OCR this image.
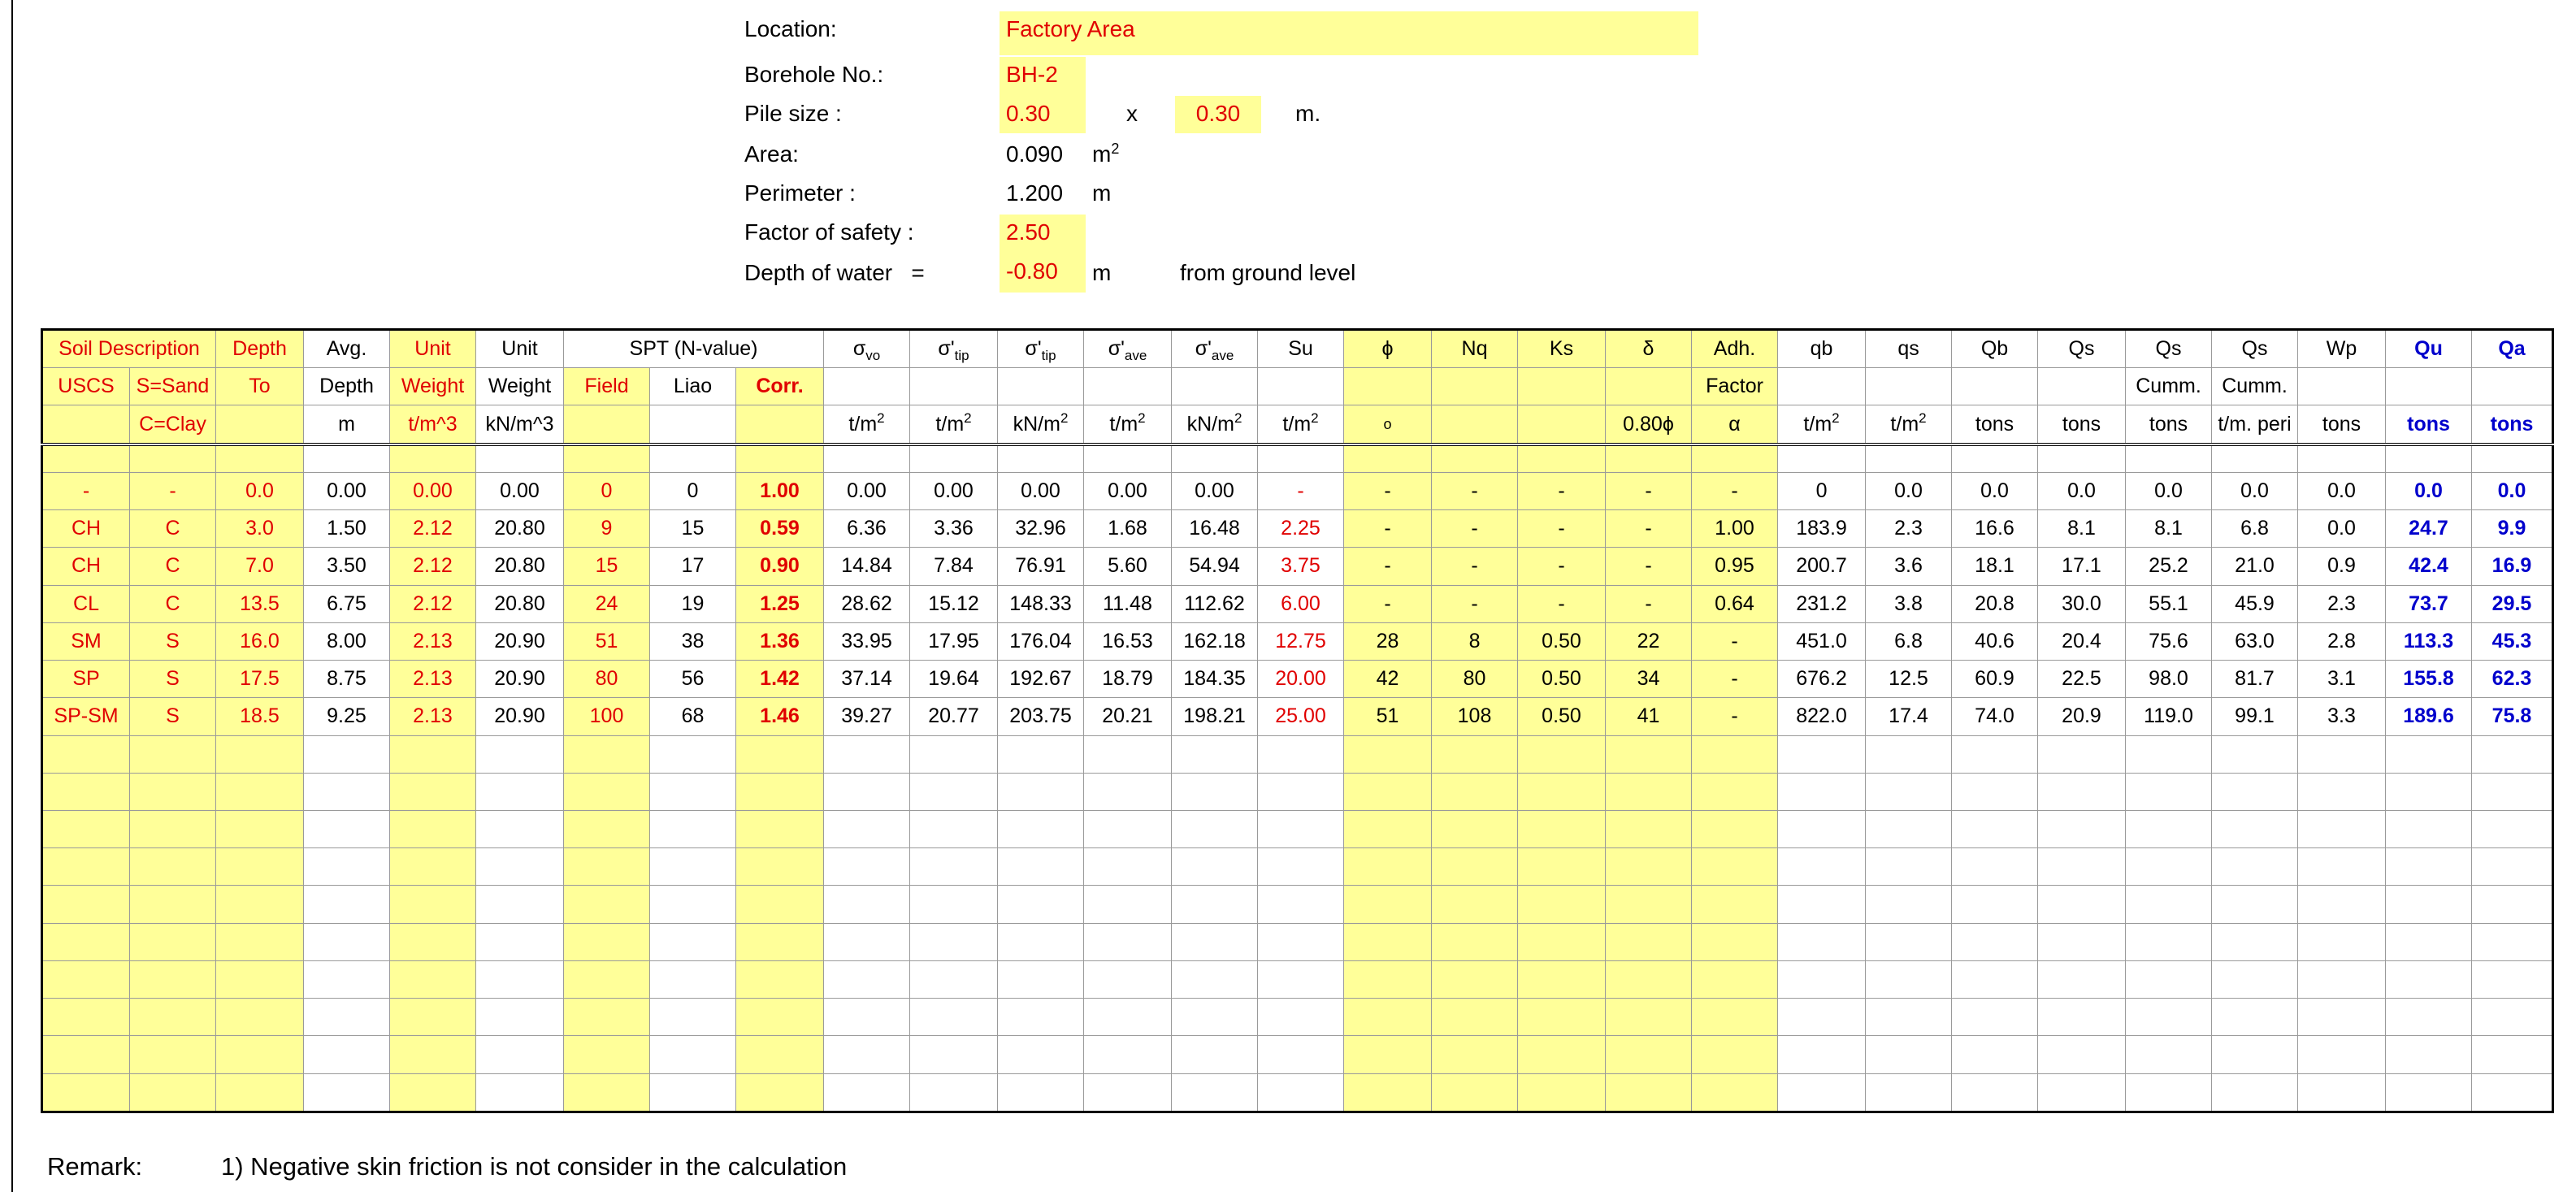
Location:	Factory Area
Borehole No.:	BH-2
Pile size :	0.30	x	0.30	m.
Area:	0.090 $m^2$
Perimeter :	1.200 m
Factor of safety :	2.50
Depth of water   =	-0.80	m	from ground level
Soil Description		Depth	Avg.	Unit	Unit	SPT (N-value)			$\sigma_{vo}$	$\sigma'_{tip}$	$\sigma'_{tip}$	$\sigma'_{ave}$	$\sigma'_{ave}$	Su	ϕ	Nq	Ks	δ	Adh.	qb	qs	Qb	Qs	Qs	Qs	Wp	Qu	Qa
USCS	S=Sand	To	Depth	Weight	Weight	Field	Liao	Corr.											Factor					Cumm.	Cumm.			
	C=Clay		m	t/m^3	kN/m^3				$t/m^2$	$t/m^2$	$kN/m^2$	$t/m^2$	$kN/m^2$	$t/m^2$	o			0.80ϕ	α	$t/m^2$	$t/m^2$	tons	tons	tons	t/m. peri	tons	tons	tons

-	-	0.0	0.00	0.00	0.00	0	0	1.00	0.00	0.00	0.00	0.00	0.00	-	-	-	-	-	-	0	0.0	0.0	0.0	0.0	0.0	0.0	0.0	0.0
CH	C	3.0	1.50	2.12	20.80	9	15	0.59	6.36	3.36	32.96	1.68	16.48	2.25	-	-	-	-	1.00	183.9	2.3	16.6	8.1	8.1	6.8	0.0	24.7	9.9
CH	C	7.0	3.50	2.12	20.80	15	17	0.90	14.84	7.84	76.91	5.60	54.94	3.75	-	-	-	-	0.95	200.7	3.6	18.1	17.1	25.2	21.0	0.9	42.4	16.9
CL	C	13.5	6.75	2.12	20.80	24	19	1.25	28.62	15.12	148.33	11.48	112.62	6.00	-	-	-	-	0.64	231.2	3.8	20.8	30.0	55.1	45.9	2.3	73.7	29.5
SM	S	16.0	8.00	2.13	20.90	51	38	1.36	33.95	17.95	176.04	16.53	162.18	12.75	28	8	0.50	22	-	451.0	6.8	40.6	20.4	75.6	63.0	2.8	113.3	45.3
SP	S	17.5	8.75	2.13	20.90	80	56	1.42	37.14	19.64	192.67	18.79	184.35	20.00	42	80	0.50	34	-	676.2	12.5	60.9	22.5	98.0	81.7	3.1	155.8	62.3
SP-SM	S	18.5	9.25	2.13	20.90	100	68	1.46	39.27	20.77	203.75	20.21	198.21	25.00	51	108	0.50	41	-	822.0	17.4	74.0	20.9	119.0	99.1	3.3	189.6	75.8

Remark:	1) Negative skin friction is not consider in the calculation
